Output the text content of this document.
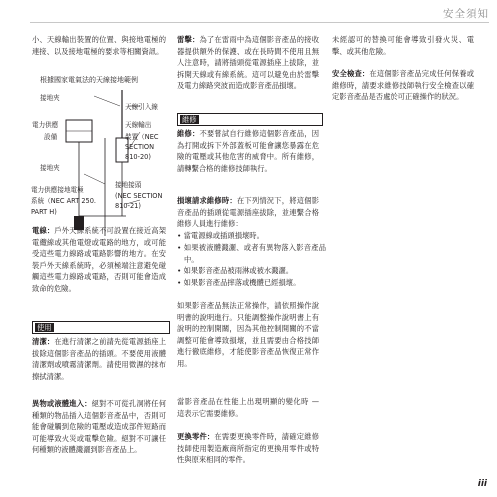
安全須知
小、天線輸出裝置的位置、與接地電極的連接、以及接地電極的要求等相關資訊。
根據國家電氣法的天線接地範例
接地夾
天線引入線
電力供應	天線輸出
設備	裝置（NEC
SECTION
810-20)
接地夾
接地接頭
電力供應接地電極
(NEC SECTION
系統（NEC ART 250.
810-21)
PART H)
電線：戶外天線系統不可設置在接近高架電纜線或其他電燈或電路的地方，或可能受這些電力線路或電路影響的地方。在安裝戶外天線系統時，必須極端注意避免碰觸這些電力線路或電路，否則可能會造成致命的危險。
使用
清潔：在進行清潔之前請先從電源插座上拔除這個影音產品的插頭。不要使用液體清潔劑或噴霧清潔劑。請使用微濕的抹布擦拭清潔。
異物或液體進入：絕對不可從孔洞將任何種類的物品插入這個影音產品中，否則可能會碰觸到危險的電壓或造成部件短路而可能導致火災或電擊危險。絕對不可讓任何種類的液體濺灑到影音產品上。
雷擊：為了在雷雨中為這個影音產品的接收器提供額外的保護、或在長時間不使用且無人注意時，請將插頭從電源插座上拔除，並拆開天線或有線系統。這可以避免由於雷擊及電力線路突波而造成影音產品損壞。
維修
維修：不要嘗試自行維修這個影音產品，因為打開或拆下外部蓋板可能會讓您暴露在危險的電壓或其他危害的威脅中。所有維修，請轉繫合格的維修技師執行。
損壞請求維修時：在下列情況下，將這個影音產品的插頭從電源插座拔除，並連繫合格維修人員進行維修：
• 當電源線或插頭損壞時。
• 如果被液體濺灑、或者有異物落入影音產品中。
• 如果影音產品被雨淋或被水濺灑。
• 如果影音產品摔落或機體已經損壞。
如果影音產品無法正常操作，請依照操作說明書的說明進行。只能調整操作說明書上有說明的控制開關，因為其他控制開關的不當調整可能會導致損壞，並且需要由合格技師進行徹底維修，才能使影音產品恢復正常作用。
當影音產品在性能上出現明顯的變化時 — 這表示它需要維修。
更換零件：在需要更換零件時，請確定維修技師使用製造廠商所指定的更換用零件或特性與原來相同的零件。
未經認可的替換可能會導致引發火災、電擊、或其他危險。
安全檢查：在這個影音產品完成任何保養或維修時，請要求維修技師執行安全檢查以確定影音產品是否處於可正確操作的狀況。
iii
